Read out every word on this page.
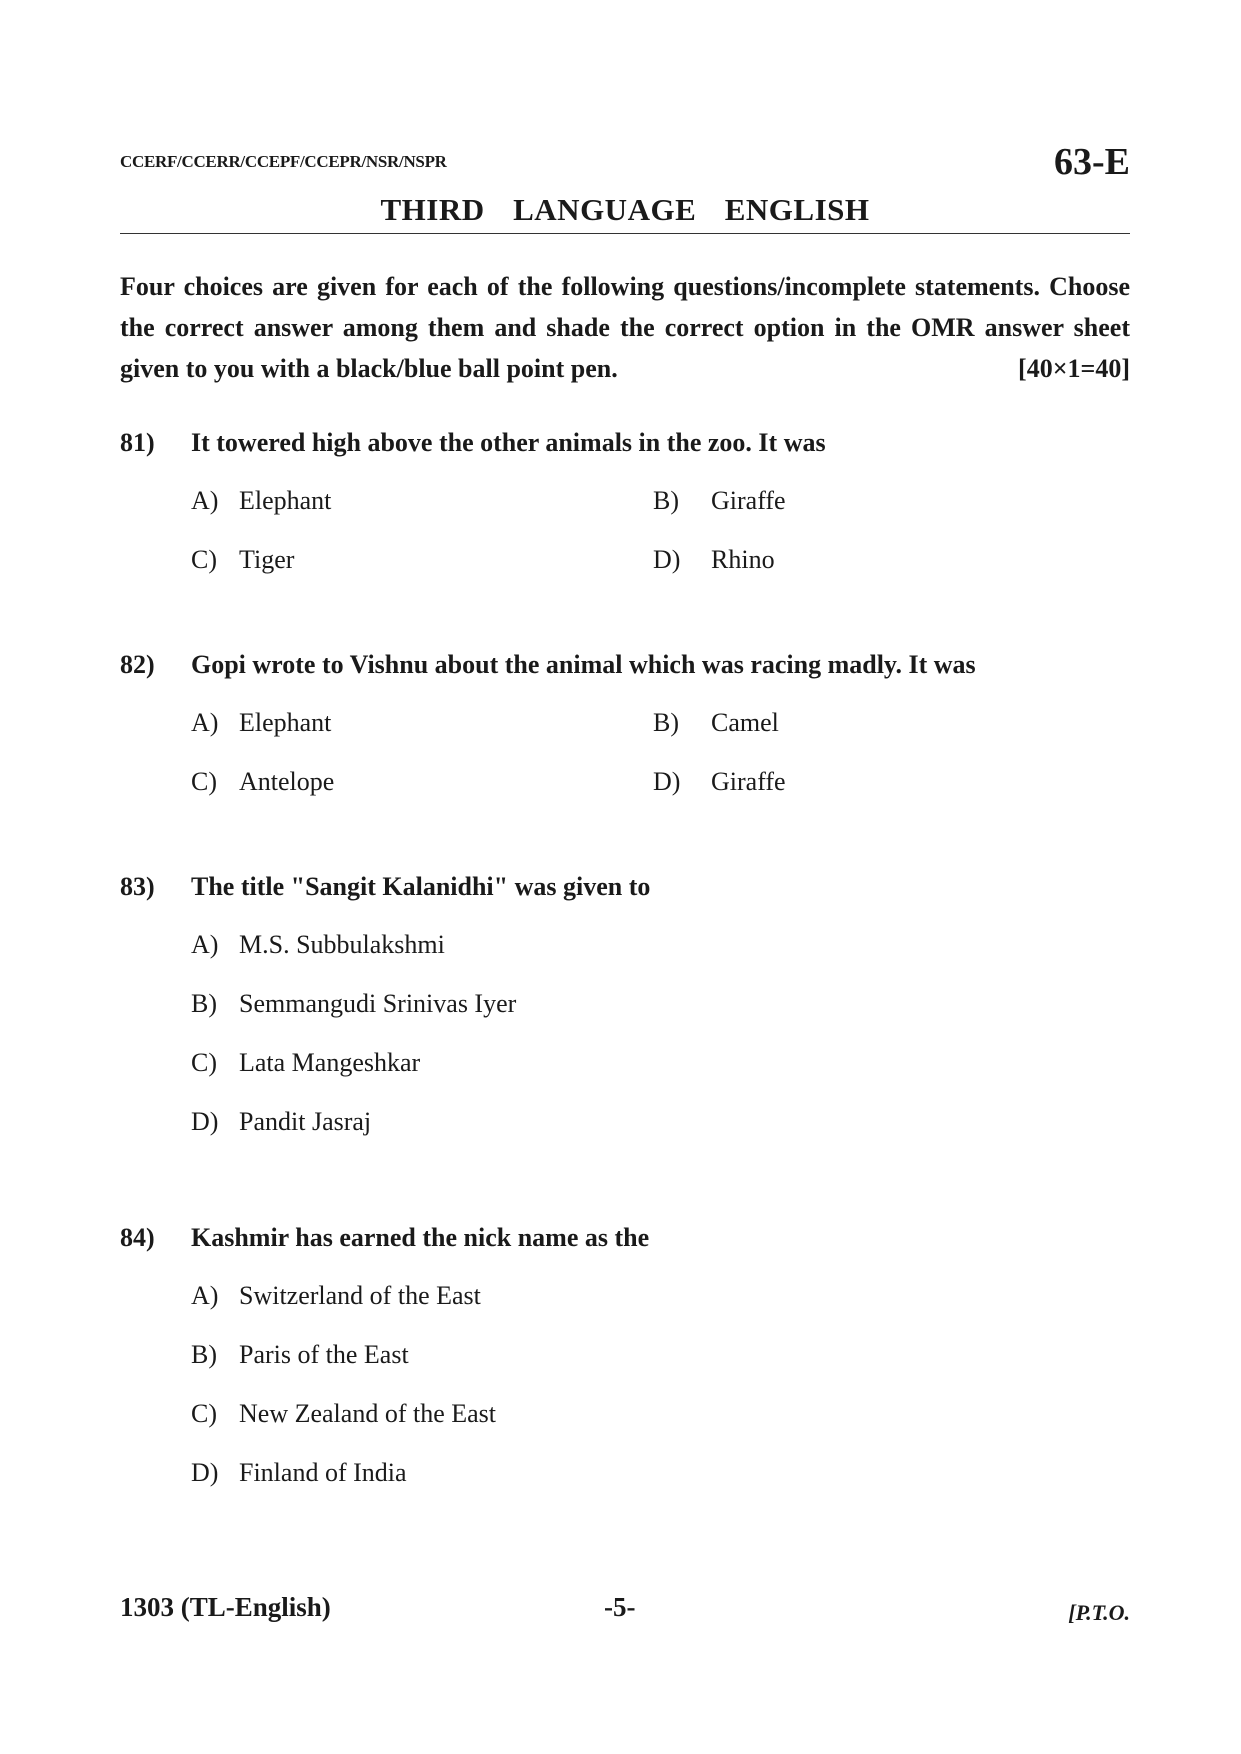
CCERF/CCERR/CCEPF/CCEPR/NSR/NSPR	63-E
THIRD  LANGUAGE  ENGLISH
Four choices are given for each of the following questions/incomplete statements. Choose the correct answer among them and shade the correct option in the OMR answer sheet given to you with a black/blue ball point pen.	[40×1=40]
81) It towered high above the other animals in the zoo. It was
A) Elephant	B) Giraffe
C) Tiger	D) Rhino
82) Gopi wrote to Vishnu about the animal which was racing madly. It was
A) Elephant	B) Camel
C) Antelope	D) Giraffe
83) The title "Sangit Kalanidhi" was given to
A) M.S. Subbulakshmi
B) Semmangudi Srinivas Iyer
C) Lata Mangeshkar
D) Pandit Jasraj
84) Kashmir has earned the nick name as the
A) Switzerland of the East
B) Paris of the East
C) New Zealand of the East
D) Finland of India
1303 (TL-English)	-5-	[P.T.O.
